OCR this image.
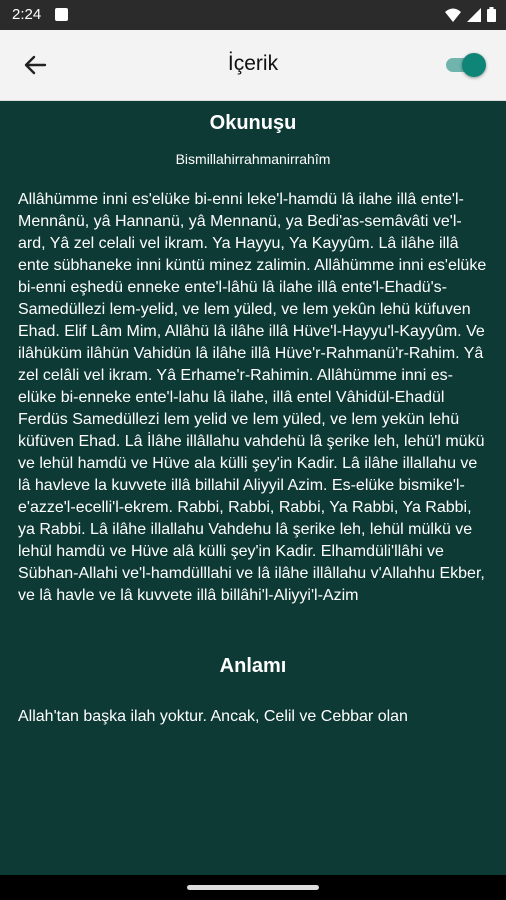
2:24
İçerik
Okunuşu

Bismillahirrahmanirrahîm

Allâhümme inni es'elüke bi-enni leke'l-hamdü lâ ilahe illâ ente'l-Mennânü, yâ Hannanü, yâ Mennanü, ya Bedi'as-semâvâti ve'l-ard, Yâ zel celali vel ikram. Ya Hayyu, Ya Kayyûm. Lâ ilâhe illâ ente sübhaneke inni küntü minez zalimin. Allâhümme inni es'elüke bi-enni eşhedü enneke ente'l-lâhü lâ ilahe illâ ente'l-Ehadü's-Samedüllezi lem-yelid, ve lem yüled, ve lem yekûn lehü küfuven Ehad. Elif Lâm Mim, Allâhü lâ ilâhe illâ Hüve'l-Hayyu'l-Kayyûm. Ve ilâhüküm ilâhün Vahidün lâ ilâhe illâ Hüve'r-Rahmanü'r-Rahim. Yâ zel celâli vel ikram. Yâ Erhame'r-Rahimin. Allâhümme inni es-elüke bi-enneke ente'l-lahu lâ ilahe, illâ entel Vâhidül-Ehadül Ferdüs Samedüllezi lem yelid ve lem yüled, ve lem yekün lehü küfüven Ehad. Lâ İlâhe illâllahu vahdehü lâ şerike leh, lehü'l mükü ve lehül hamdü ve Hüve ala külli şey'in Kadir. Lâ ilâhe illallahu ve lâ havleve la kuvvete illâ billahil Aliyyil Azim. Es-elüke bismike'l-e'azze'l-ecelli'l-ekrem. Rabbi, Rabbi, Rabbi, Ya Rabbi, Ya Rabbi, ya Rabbi. Lâ ilâhe illallahu Vahdehu lâ şerike leh, lehül mülkü ve lehül hamdü ve Hüve alâ külli şey'in Kadir. Elhamdüli'llâhi ve Sübhan-Allahi ve'l-hamdülllahi ve lâ ilâhe illâllahu v'Allahhu Ekber, ve lâ havle ve lâ kuvvete illâ billâhi'l-Aliyyi'l-Azim

Anlamı

Allah'tan başka ilah yoktur. Ancak, Celil ve Cebbar olan
